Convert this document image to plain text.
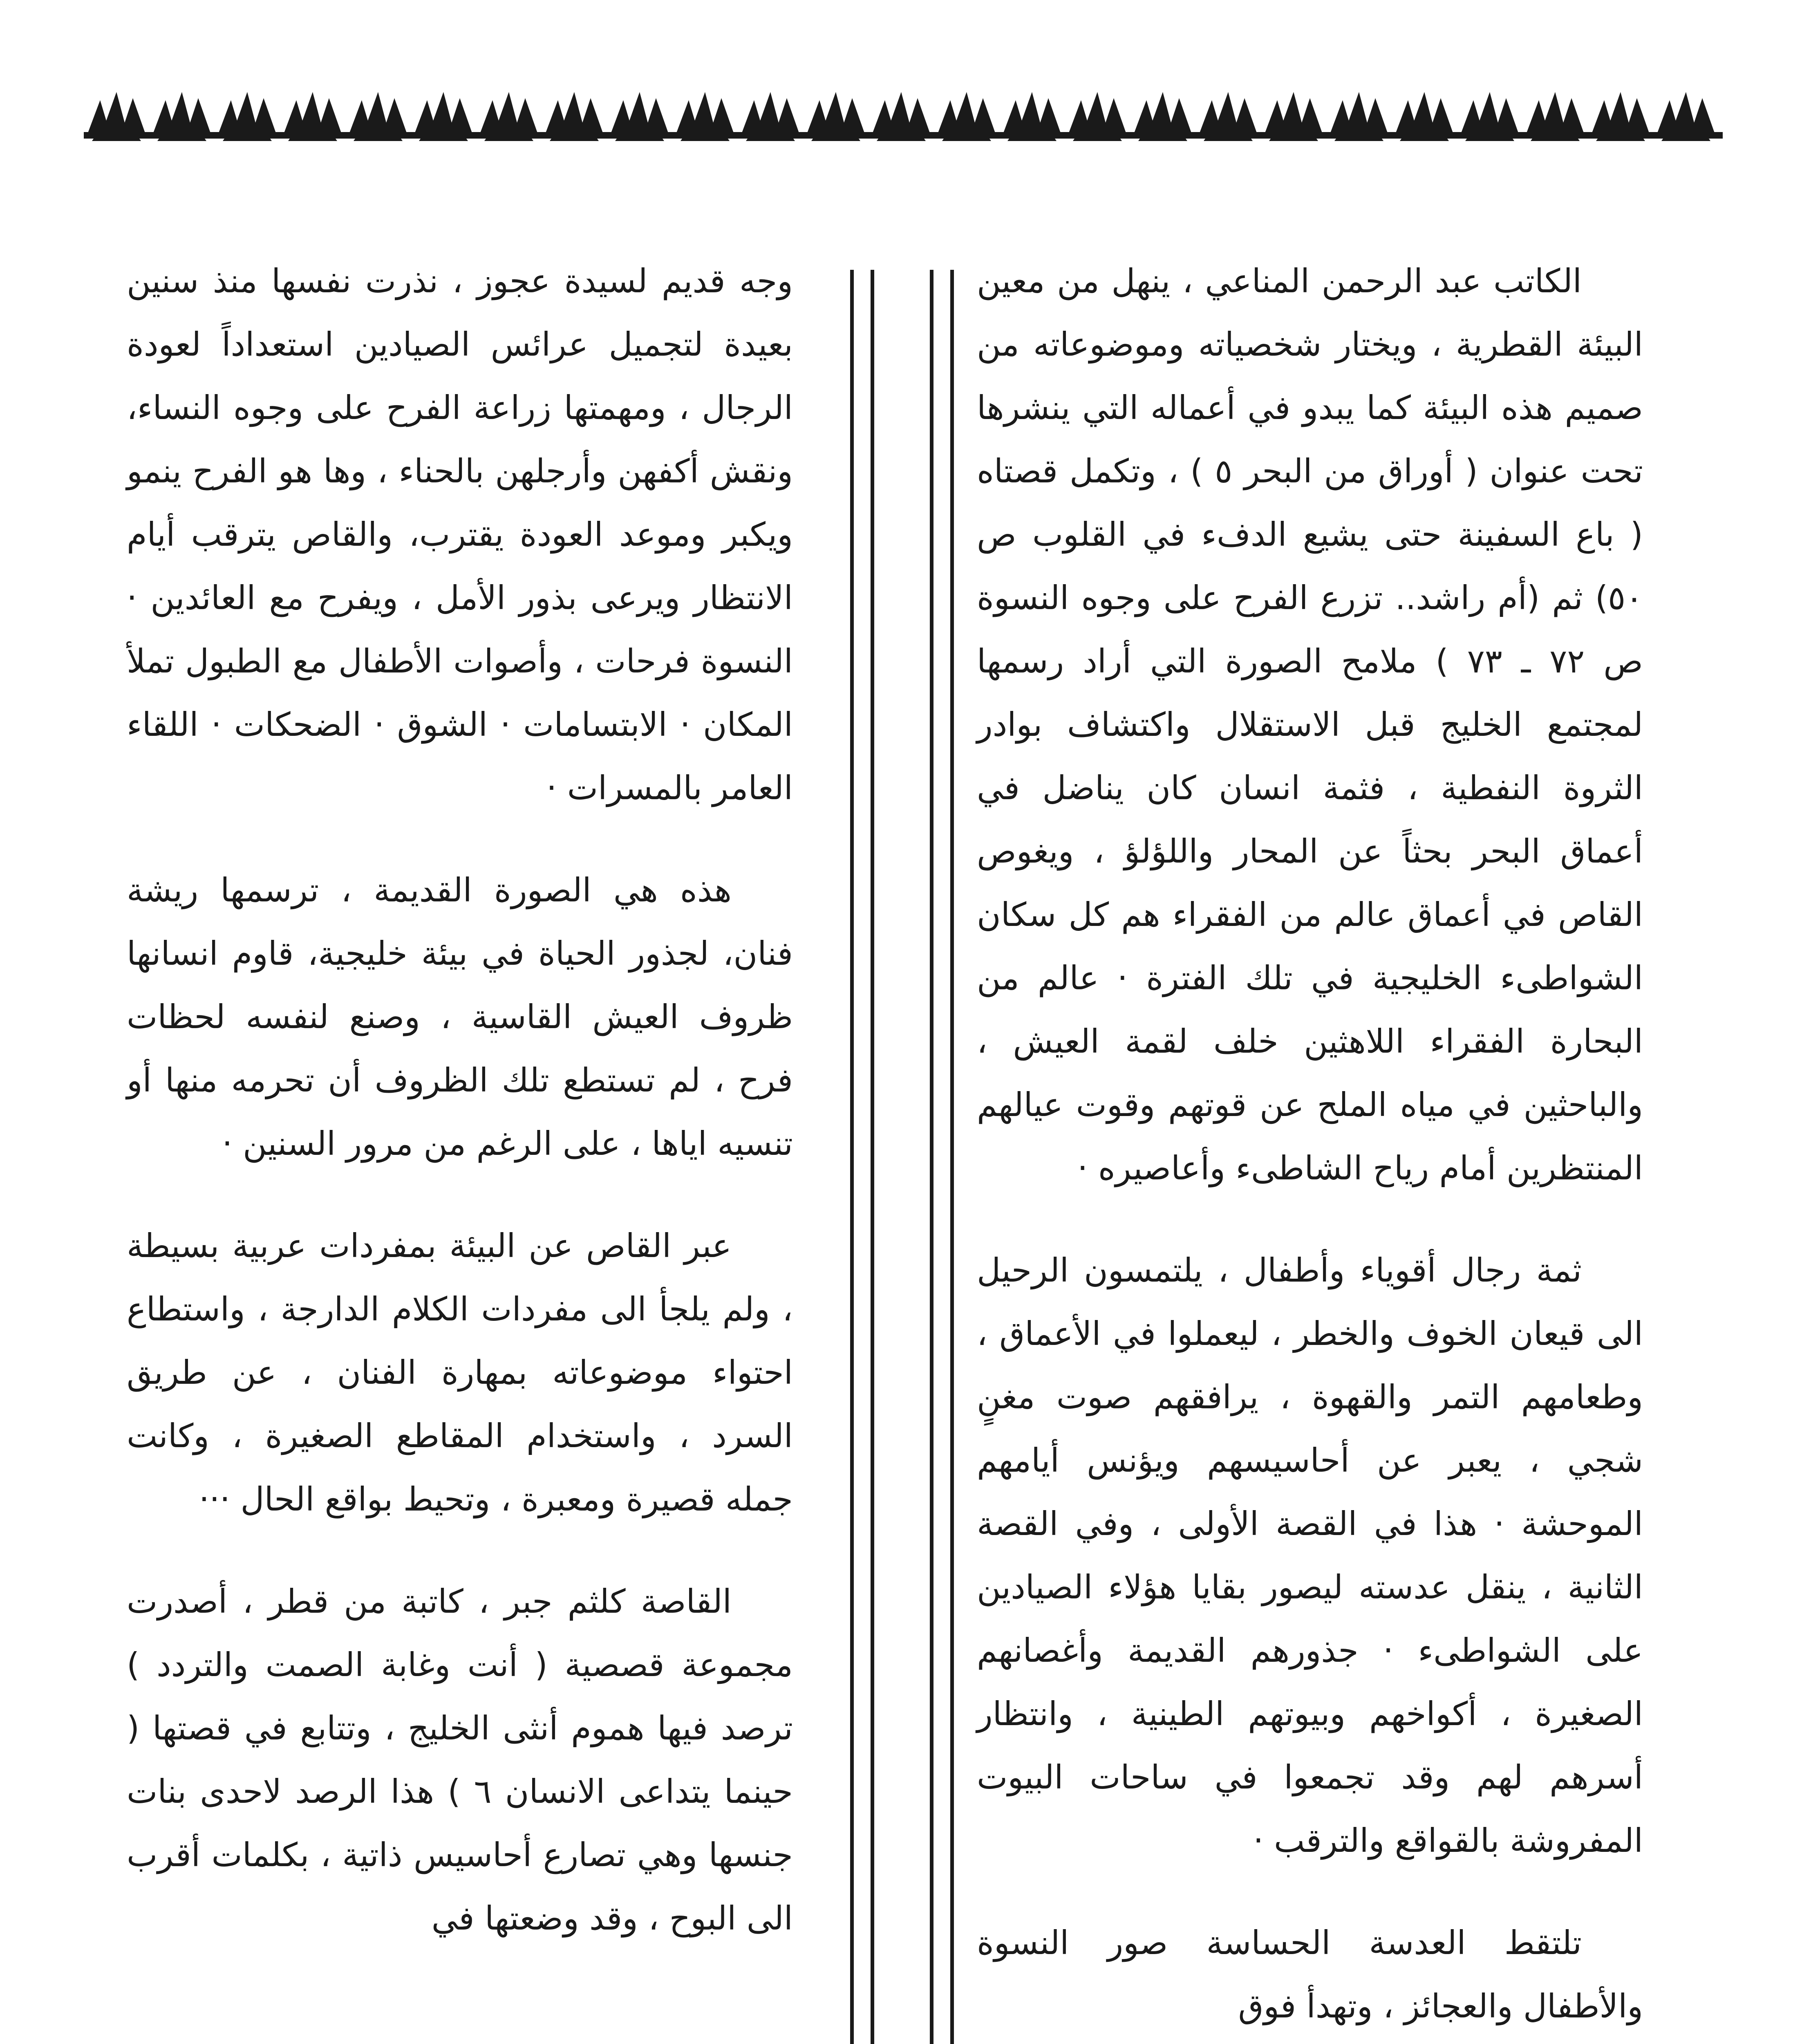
الكاتب عبد الرحمن المناعي ، ينهل من معين البيئة القطرية ، ويختار شخصياته وموضوعاته من صميم هذه البيئة كما يبدو في أعماله التي ينشرها تحت عنوان ( أوراق من البحر ٥ ) ، وتكمل قصتاه ( باع السفينة حتى يشيع الدفء في القلوب ص ٥٠) ثم (أم راشد.. تزرع الفرح على وجوه النسوة ص ٧٢ ـ ٧٣ ) ملامح الصورة التي أراد رسمها لمجتمع الخليج قبل الاستقلال واكتشاف بوادر الثروة النفطية ، فثمة انسان كان يناضل في أعماق البحر بحثاً عن المحار واللؤلؤ ، ويغوص القاص في أعماق عالم من الفقراء هم كل سكان الشواطىء الخليجية في تلك الفترة · عالم من البحارة الفقراء اللاهثين خلف لقمة العيش ، والباحثين في مياه الملح عن قوتهم وقوت عيالهم المنتظرين أمام رياح الشاطىء وأعاصيره ·

ثمة رجال أقوياء وأطفال ، يلتمسون الرحيل الى قيعان الخوف والخطر ، ليعملوا في الأعماق ، وطعامهم التمر والقهوة ، يرافقهم صوت مغنٍ شجي ، يعبر عن أحاسيسهم ويؤنس أيامهم الموحشة · هذا في القصة الأولى ، وفي القصة الثانية ، ينقل عدسته ليصور بقايا هؤلاء الصيادين على الشواطىء · جذورهم القديمة وأغصانهم الصغيرة ، أكواخهم وبيوتهم الطينية ، وانتظار أسرهم لهم وقد تجمعوا في ساحات البيوت المفروشة بالقواقع والترقب ·

تلتقط العدسة الحساسة صور النسوة والأطفال والعجائز ، وتهدأ فوق

وجه قديم لسيدة عجوز ، نذرت نفسها منذ سنين بعيدة لتجميل عرائس الصيادين استعداداً لعودة الرجال ، ومهمتها زراعة الفرح على وجوه النساء، ونقش أكفهن وأرجلهن بالحناء ، وها هو الفرح ينمو ويكبر وموعد العودة يقترب، والقاص يترقب أيام الانتظار ويرعى بذور الأمل ، ويفرح مع العائدين · النسوة فرحات ، وأصوات الأطفال مع الطبول تملأ المكان · الابتسامات · الشوق · الضحكات · اللقاء العامر بالمسرات ·

هذه هي الصورة القديمة ، ترسمها ريشة فنان، لجذور الحياة في بيئة خليجية، قاوم انسانها ظروف العيش القاسية ، وصنع لنفسه لحظات فرح ، لم تستطع تلك الظروف أن تحرمه منها أو تنسيه اياها ، على الرغم من مرور السنين ·

عبر القاص عن البيئة بمفردات عربية بسيطة ، ولم يلجأ الى مفردات الكلام الدارجة ، واستطاع احتواء موضوعاته بمهارة الفنان ، عن طريق السرد ، واستخدام المقاطع الصغيرة ، وكانت جمله قصيرة ومعبرة ، وتحيط بواقع الحال ···

القاصة كلثم جبر ، كاتبة من قطر ، أصدرت مجموعة قصصية ( أنت وغابة الصمت والتردد ) ترصد فيها هموم أنثى الخليج ، وتتابع في قصتها ( حينما يتداعى الانسان ٦ ) هذا الرصد لاحدى بنات جنسها وهي تصارع أحاسيس ذاتية ، بكلمات أقرب الى البوح ، وقد وضعتها في
